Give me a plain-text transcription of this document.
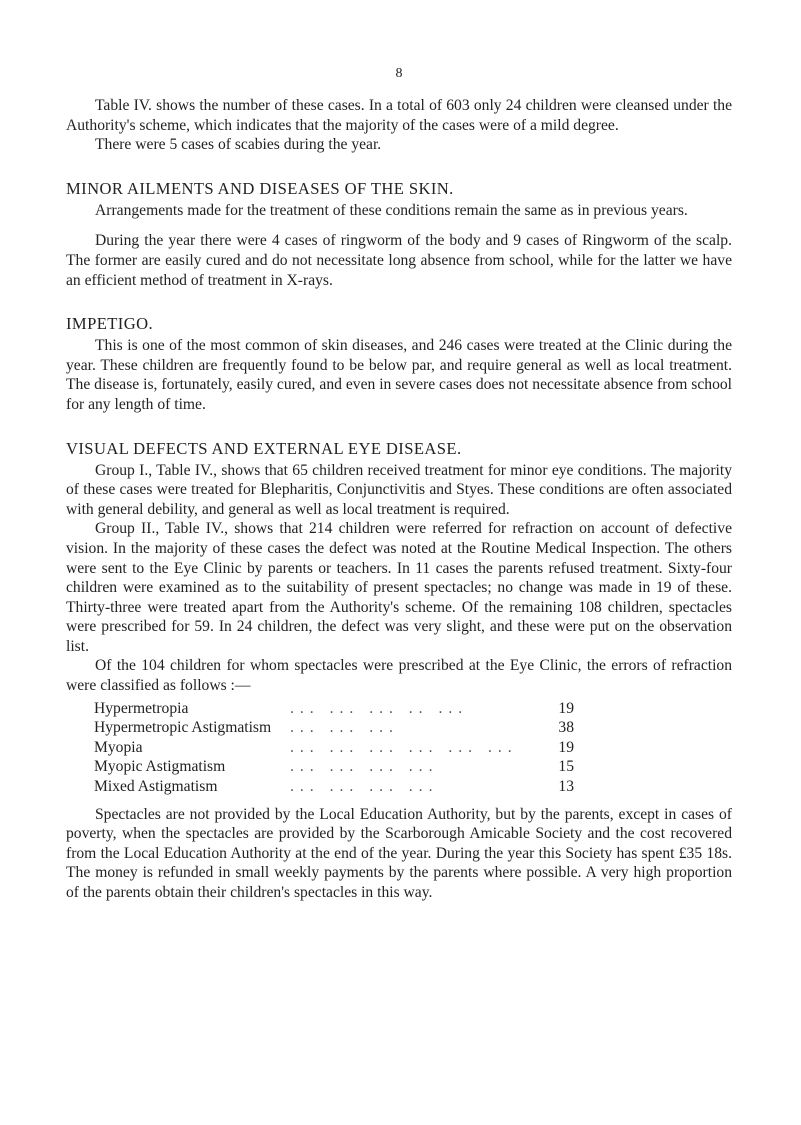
8

Table IV. shows the number of these cases. In a total of 603 only 24 children were cleansed under the Authority's scheme, which indicates that the majority of the cases were of a mild degree.

There were 5 cases of scabies during the year.

MINOR AILMENTS AND DISEASES OF THE SKIN.

Arrangements made for the treatment of these conditions remain the same as in previous years.

During the year there were 4 cases of ringworm of the body and 9 cases of Ringworm of the scalp. The former are easily cured and do not necessitate long absence from school, while for the latter we have an efficient method of treatment in X-rays.

IMPETIGO.

This is one of the most common of skin diseases, and 246 cases were treated at the Clinic during the year. These children are frequently found to be below par, and require general as well as local treatment. The disease is, fortunately, easily cured, and even in severe cases does not necessitate absence from school for any length of time.

VISUAL DEFECTS AND EXTERNAL EYE DISEASE.

Group I., Table IV., shows that 65 children received treatment for minor eye conditions. The majority of these cases were treated for Blepharitis, Conjunctivitis and Styes. These conditions are often associated with general debility, and general as well as local treatment is required.

Group II., Table IV., shows that 214 children were referred for refraction on account of defective vision. In the majority of these cases the defect was noted at the Routine Medical Inspection. The others were sent to the Eye Clinic by parents or teachers. In 11 cases the parents refused treatment. Sixty-four children were examined as to the suitability of present spectacles; no change was made in 19 of these. Thirty-three were treated apart from the Authority's scheme. Of the remaining 108 children, spectacles were prescribed for 59. In 24 children, the defect was very slight, and these were put on the observation list.

Of the 104 children for whom spectacles were prescribed at the Eye Clinic, the errors of refraction were classified as follows :—

Hypermetropia	... ... ... .. ...	19
Hypermetropic Astigmatism	... ... ...	38
Myopia	... ... ... ... ... ...	19
Myopic Astigmatism	... ... ... ...	15
Mixed Astigmatism	... ... ... ...	13

Spectacles are not provided by the Local Education Authority, but by the parents, except in cases of poverty, when the spectacles are provided by the Scarborough Amicable Society and the cost recovered from the Local Education Authority at the end of the year. During the year this Society has spent £35 18s. The money is refunded in small weekly payments by the parents where possible. A very high proportion of the parents obtain their children's spectacles in this way.
